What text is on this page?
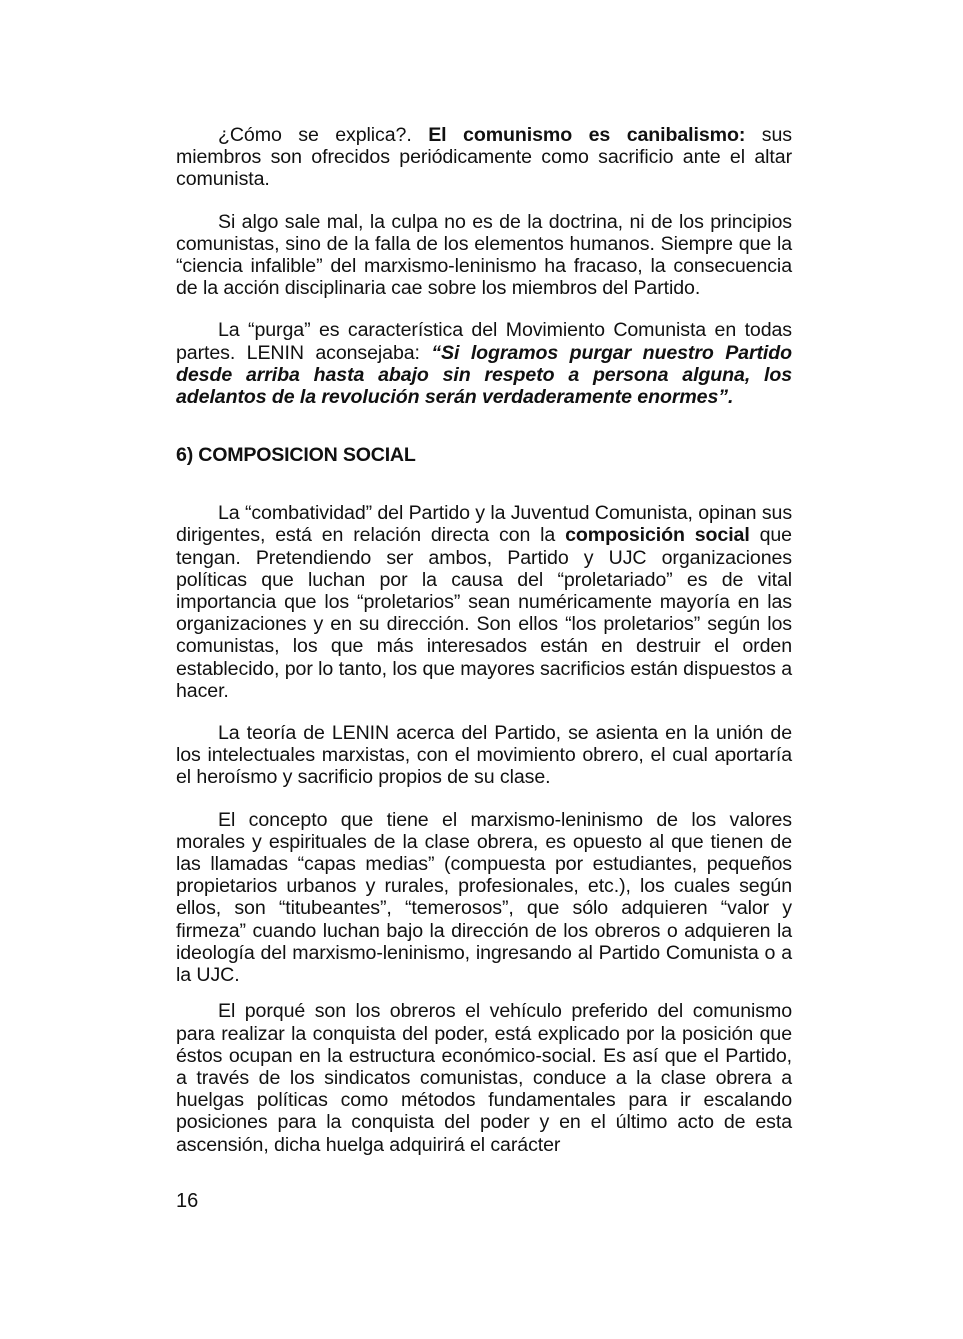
¿Cómo se explica?. El comunismo es canibalismo: sus miembros son ofrecidos periódicamente como sacrificio ante el altar comunista.

Si algo sale mal, la culpa no es de la doctrina, ni de los principios comunistas, sino de la falla de los elementos humanos. Siempre que la “ciencia infalible” del marxismo-leninismo ha fracaso, la consecuencia de la acción disciplinaria cae sobre los miembros del Partido.

La “purga” es característica del Movimiento Comunista en todas partes. LENIN aconsejaba: “Si logramos purgar nuestro Partido desde arriba hasta abajo sin respeto a persona alguna, los adelantos de la revolución serán verdaderamente enormes”.

6) COMPOSICION SOCIAL

La “combatividad” del Partido y la Juventud Comunista, opinan sus dirigentes, está en relación directa con la composición social que tengan. Pretendiendo ser ambos, Partido y UJC organizaciones políticas que luchan por la causa del “proletariado” es de vital importancia que los “proletarios” sean numéricamente mayoría en las organizaciones y en su dirección. Son ellos “los proletarios” según los comunistas, los que más interesados están en destruir el orden establecido, por lo tanto, los que mayores sacrificios están dispuestos a hacer.

La teoría de LENIN acerca del Partido, se asienta en la unión de los intelectuales marxistas, con el movimiento obrero, el cual aportaría el heroísmo y sacrificio propios de su clase.

El concepto que tiene el marxismo-leninismo de los valores morales y espirituales de la clase obrera, es opuesto al que tienen de las llamadas “capas medias” (compuesta por estudiantes, pequeños propietarios urbanos y rurales, profesionales, etc.), los cuales según ellos, son “titubeantes”, “temerosos”, que sólo adquieren “valor y firmeza” cuando luchan bajo la dirección de los obreros o adquieren la ideología del marxismo-leninismo, ingresando al Partido Comunista o a la UJC.

El porqué son los obreros el vehículo preferido del comunismo para realizar la conquista del poder, está explicado por la posición que éstos ocupan en la estructura económico-social. Es así que el Partido, a través de los sindicatos comunistas, conduce a la clase obrera a huelgas políticas como métodos fundamentales para ir escalando posiciones para la conquista del poder y en el último acto de esta ascensión, dicha huelga adquirirá el carácter

16
